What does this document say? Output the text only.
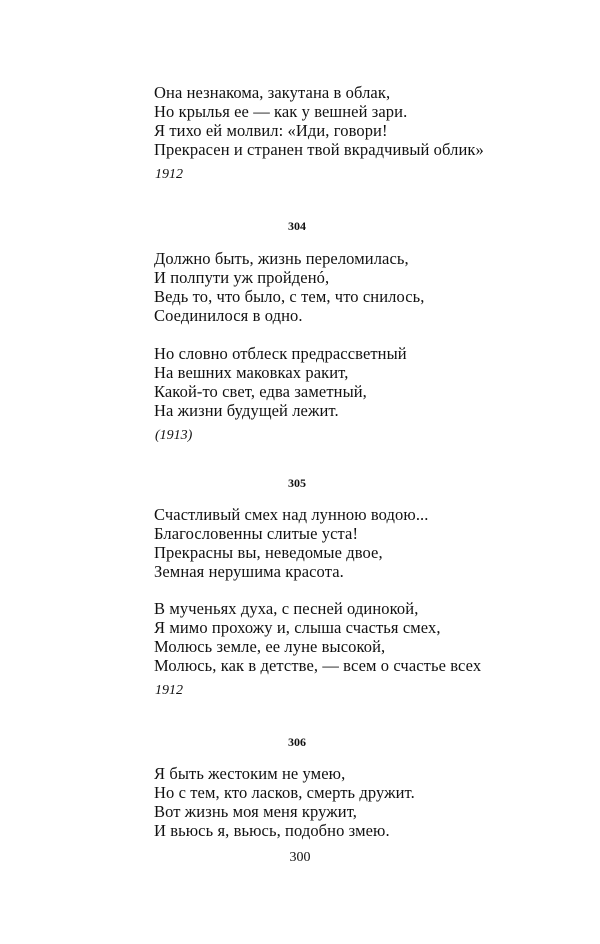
Она незнакома, закутана в облак,
Но крылья ее — как у вешней зари.
Я тихо ей молвил: «Иди, говори!
Прекрасен и странен твой вкрадчивый облик»
1912
304
Должно быть, жизнь переломилась,
И полпути уж пройденó,
Ведь то, что было, с тем, что снилось,
Соединилося в одно.
Но словно отблеск предрассветный
На вешних маковках ракит,
Какой-то свет, едва заметный,
На жизни будущей лежит.
(1913)
305
Счастливый смех над лунною водою...
Благословенны слитые уста!
Прекрасны вы, неведомые двое,
Земная нерушима красота.
В мученьях духа, с песней одинокой,
Я мимо прохожу и, слыша счастья смех,
Молюсь земле, ее луне высокой,
Молюсь, как в детстве, — всем о счастье всех
1912
306
Я быть жестоким не умею,
Но с тем, кто ласков, смерть дружит.
Вот жизнь моя меня кружит,
И вьюсь я, вьюсь, подобно змею.
300
